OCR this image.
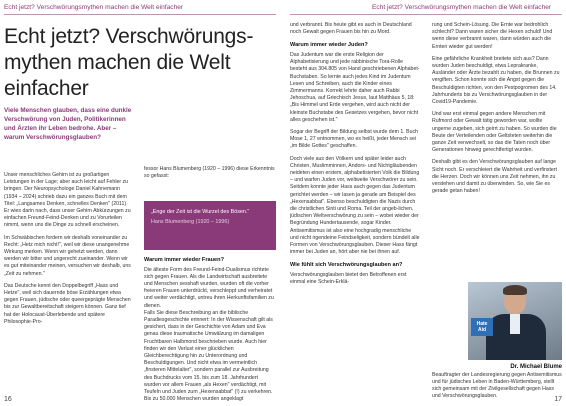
Echt jetzt? Verschwörungsmythen machen die Welt einfacher	Echt jetzt? Verschwörungsmythen machen die Welt einfacher
Echt jetzt? Verschwörungs-mythen machen die Welt einfacher
Viele Menschen glauben, dass eine dunkle Verschwörung von Juden, Politikerinnen und Ärzten ihr Leben bedrohe. Aber – warum Verschwörungsglauben?

Unser menschliches Gehirn ist zu großartigen Leistungen in der Lage; aber auch leicht auf Fehler zu bringen. Der Neuropsychologe Daniel Kahnemann (1934 – 2024) schrieb dazu ein ganzes Buch mit dem Titel: „Langsames Denken, schnelles Denken" (2011). Er wies darin nach, dass unser Gehirn Abkürzungen zu einfachen Freund-Feind-Denken und zu Vorurteilen nimmt, wenn uns die Dinge zu schnell erscheinen.

Im Schwäbischen fordern wir deshalb voneinander zu Recht: „Hetz mich nicht!", weil wir diese unangenehme Wirkung merken. Wenn wir gehetzt werden, dann werden wir bitter und ungerecht zueinander. Wenn wir es gut miteinander meinen, versuchen wir deshalb, uns „Zeit zu nehmen."

Das Deutsche kennt den Doppelbegriff „Hass und Hetze", weil sich dauernde böse Erzählungen etwa gegen Frauen, jüdische oder queergeprägte Menschen bis zur Gewaltbereitschaft steigern können. Ganz tief hat der Holocaust-Überlebende und spätere Philosophie-Pro-

fessor Hans Blumenberg (1920 – 1996) diese Erkenntnis so gefasst:
„Enge der Zeit ist die Wurzel des Bösen."
Hans Blumenberg (1920 – 1996)
Warum immer wieder Frauen?

Die älteste Form des Freund-Feind-Dualismus richtete sich gegen Frauen. Als die Landwirtschaft ausbreitete und Menschen sesshaft wurden, wurden oft die vorher freieren Frauen unterdrückt, verschleppt und verheiratet und weiter verdächtigt, untreu ihren Herkunftsfamilien zu dienen.

Falls Sie diese Beschreibung an die biblische Paradiesgeschichte erinnert: In der Wissenschaft gilt als gesichert, dass in der Geschichte von Adam und Eva genau diese traumatische Umwälzung im damaligen Fruchtbaren Halbmond beschrieben wurde. Auch hier finden wir den Verlust einer glücklichen Gleichberechtigung hin zu Unterordnung und Beschuldigungen. Und nicht etwa im vermeintlich „finsteren Mittelalter", sondern parallel zur Ausbreitung des Buchdrucks vom 15. bis zum 18. Jahrhundert wurden vor allem Frauen „als Hexen" verdächtigt, mit Teufeln und Juden zum „Hexensabbat" (!) zu verkehren. Bis zu 50.000 Menschen wurden angeklagt

und verbrannt. Bis heute gibt es auch in Deutschland noch Gewalt gegen Frauen bis hin zu Mord.

Warum immer wieder Juden?

Das Judentum war die erste Religion der Alphabetisierung und jede rabbinische Tora-Rolle besteht aus 304.805 von Hand geschriebenen Alphabet-Buchstaben. So lernte auch jedes Kind im Judentum Lesen und Schreiben, auch die Kinder eines Zimmermanns. Korrekt lehrte daher auch Rabbi Jehoschua, auf Griechisch Jesus, laut Matthäus 5, 18: „Bis Himmel und Erde vergehen, wird auch nicht der kleinste Buchstabe des Gesetzes vergehen, bevor nicht alles geschehen ist."

Sogar der Begriff der Bildung selbst wurde dem 1. Buch Mose 1, 27 entnommen, wo es heißt, jeder Mensch sei „im Bilde Gottes" geschaffen.

Doch viele aus den Völkern und später leider auch Christen, Muslimminnen, Andors- und Nichtgläubenden neideten einen erstem, alphabetisierten Volk die Bildung – und warfen Juden vor, weltweite Verschwörer zu sein. Seitdem konnte jeder Hass auch gegen das Judentum gerichtet werden – wir lasen ja gerade am Beispiel des „Hexensabbat". Ebenso beschuldigten die Nazis durch die christlichen Sinti und Roma. Teil der angeb-lichen, jüdischen Weltverschwörung zu sein – wobei wieder der Begründung Hundertausende, sogar Kinder. Antisemitismus ist also eine hochgradig menschliche und nicht irgendeine Feindseligkeit, sondern bündelt alle Formen von Verschwörungsglauben. Dieser Hass fängt immer bei Juden an, hört aber nie bei ihnen auf.

Wie fühlt sich Verschwörungsglauben an?

Verschwörungsglauben bietet den Betroffenen erst einmal eine Schein-Erklä-

rung und Schein-Lösung. Die Ernte war bedrohlich schlecht? Dann waren sicher die Hexen schuld! Und wenn diese verbrannt waren, dann würden auch die Ernten wieder gut werden!

Eine gefährliche Krankheit breitete sich aus? Dann wurden Juden beschuldigt, etwa Leprakranke, Ausländer oder Ärzte bezahlt zu haben, die Brunnen zu vergiften. Schon konnte sich die Angst gegen die Beschuldigten richten, von den Pestpogromen des 14. Jahrhunderts bis zu Verschwörungsglauben in der Covid19-Pandemie.

Und war erst einmal gegen andere Menschen mit Rufmord oder Gewalt tätig geworden war, wollte ungerne zugeben, sich geirrt zu haben. So wurden die Beute der Verteilenden oder Geltsteten weiterhin die ganze Zeit verwechselt, so das die Taten noch über Generationen hinweg gerechtfertigt wurden.

Deshalb gibt es den Verschwörungsglauben auf lange Sicht noch. Er verschleiert die Wahrheit und verfinstert die Herzen. Doch wir können uns Zeit nehmen, ihn zu verstehen und damit zu überwinden. So, wie Sie es gerade getan haben!

Hate Aid
Dr. Michael Blume
Beauftragter der Landesregierung gegen Antisemitismus und für jüdisches Leben in Baden-Württemberg, stellt sich gemeinsam mit der Zivilgesellschaft gegen Hass und Verschwörungsglauben.
16	17
